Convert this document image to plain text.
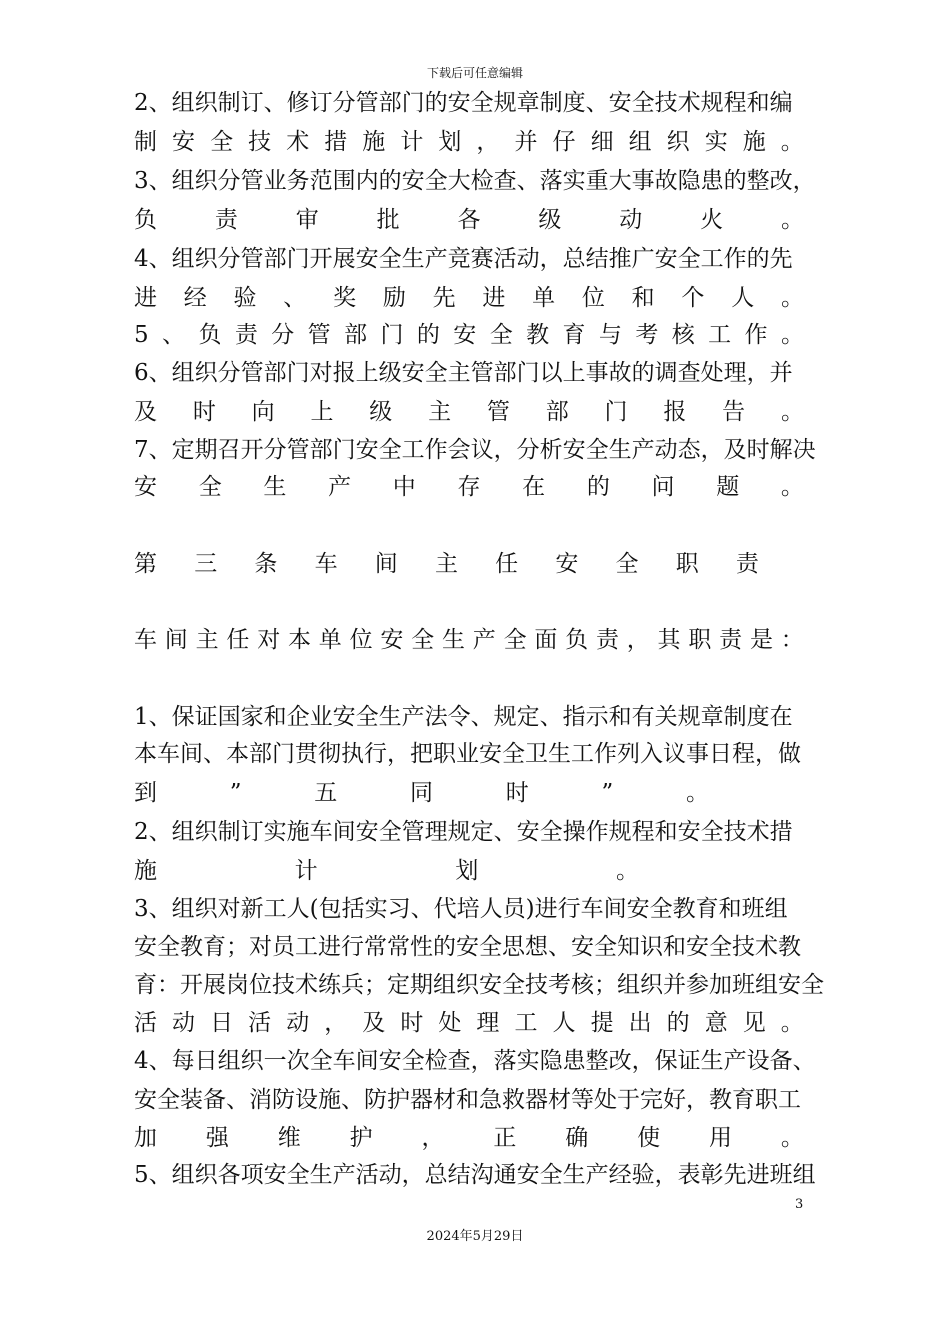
下载后可任意编辑
2、组织制订、修订分管部门的安全规章制度、安全技术规程和编
制 安 全 技 术 措 施 计 划 ， 并 仔 细 组 织 实 施 。
3、组织分管业务范围内的安全大检查、落实重大事故隐患的整改，
负	责	审	批	各	级	动	火	。
4、组织分管部门开展安全生产竞赛活动，总结推广安全工作的先
进 经 验 、 奖 励 先 进 单 位 和 个 人 。
5 、 负 责 分 管 部 门 的 安 全 教 育 与 考 核 工 作 。
6、组织分管部门对报上级安全主管部门以上事故的调查处理，并
及 时 向 上 级 主 管 部 门 报 告 。
7、定期召开分管部门安全工作会议，分析安全生产动态，及时解决
安 全 生 产 中 存 在 的 问 题 。
第 三 条 车 间 主 任 安 全 职 责
车 间 主 任 对 本 单 位 安 全 生 产 全 面 负 责 ， 其 职 责 是 ：
1、保证国家和企业安全生产法令、规定、指示和有关规章制度在
本车间、本部门贯彻执行，把职业安全卫生工作列入议事日程，做
到	”	五	同	时	”	。
2、组织制订实施车间安全管理规定、安全操作规程和安全技术措
施	计	划	。
3、组织对新工人(包括实习、代培人员)进行车间安全教育和班组
安全教育；对员工进行常常性的安全思想、安全知识和安全技术教
育：开展岗位技术练兵；定期组织安全技考核；组织并参加班组安全
活 动 日 活 动 ， 及 时 处 理 工 人 提 出 的 意 见 。
4、每日组织一次全车间安全检查，落实隐患整改，保证生产设备、
安全装备、消防设施、防护器材和急救器材等处于完好，教育职工
加 强 维 护 ， 正 确 使 用 。
5、组织各项安全生产活动，总结沟通安全生产经验，表彰先进班组
3
2024年5月29日
